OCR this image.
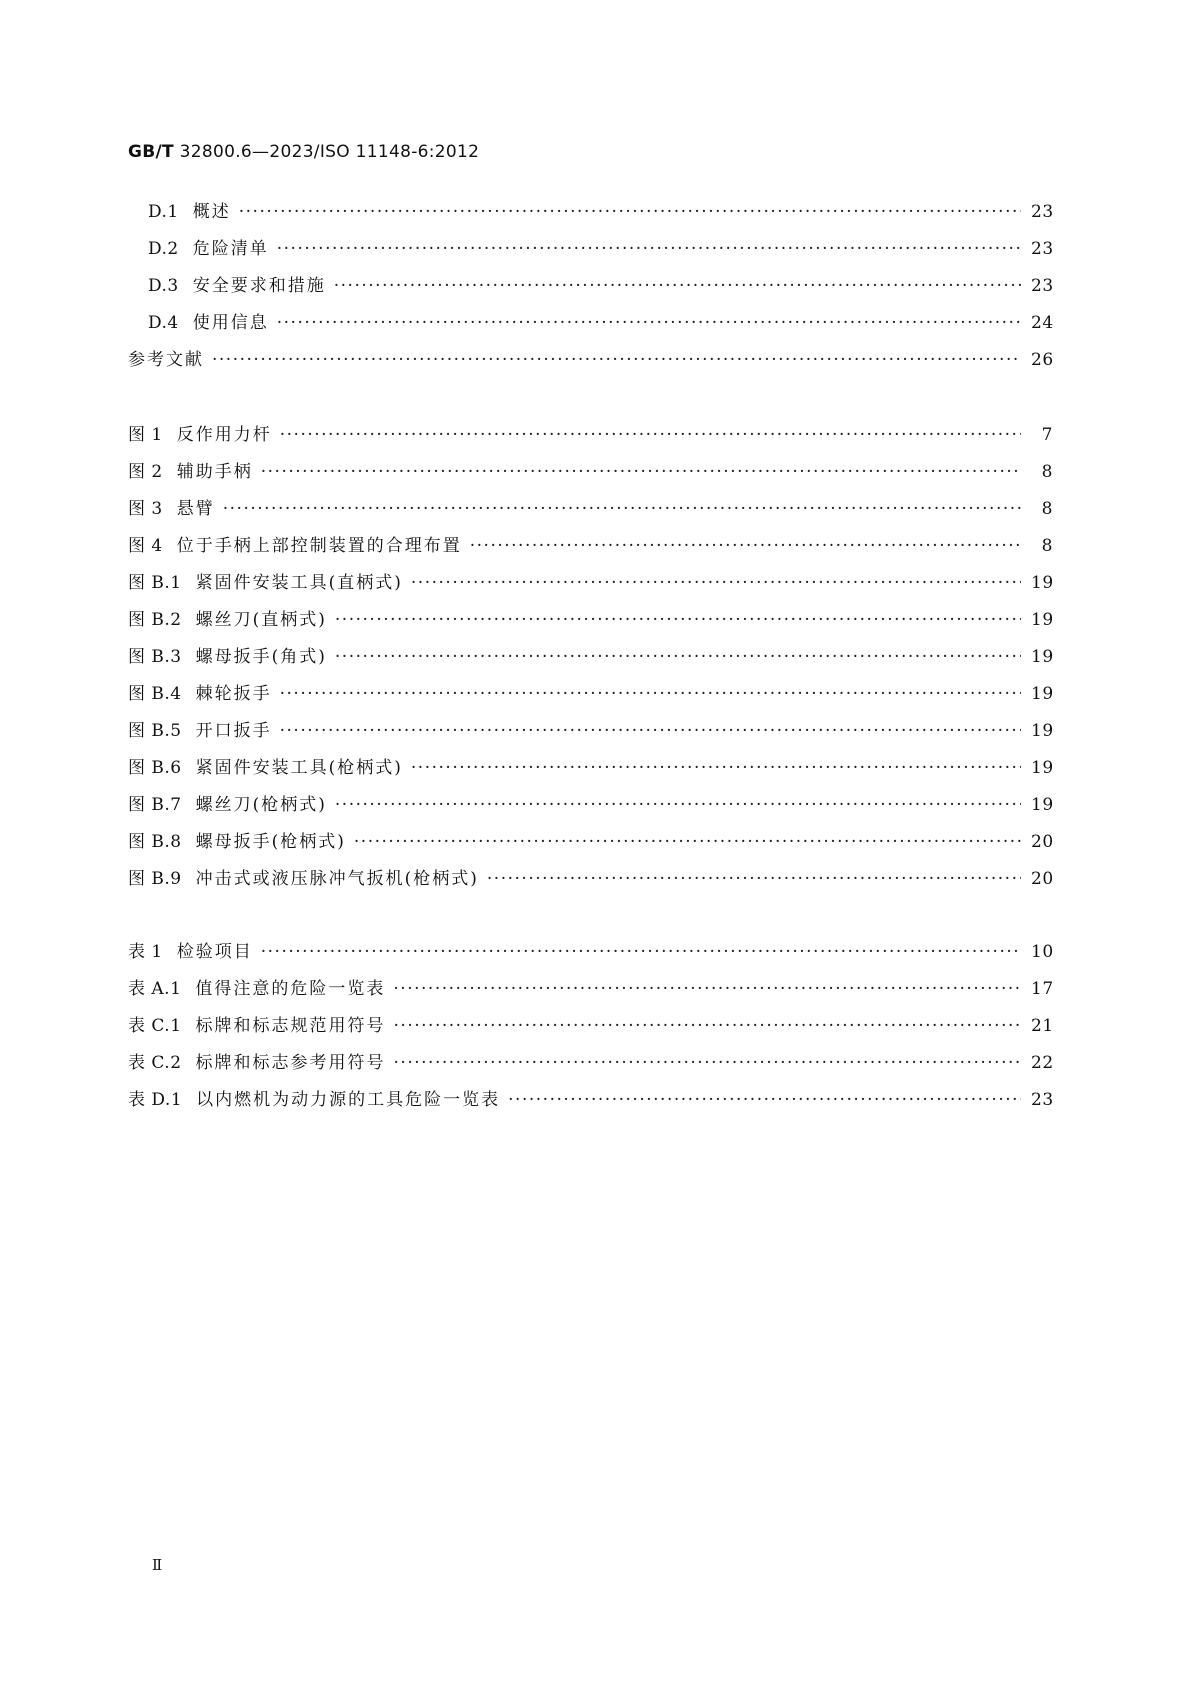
GB/T 32800.6—2023/ISO 11148-6:2012
D.1 概述 ·····	23
D.2 危险清单 ·····	23
D.3 安全要求和措施 ·····	23
D.4 使用信息 ·····	24
参考文献 ·····	26
图 1 反作用力杆 ·····	7
图 2 辅助手柄 ·····	8
图 3 悬臂 ·····	8
图 4 位于手柄上部控制装置的合理布置 ·····	8
图 B.1 紧固件安装工具(直柄式) ·····	19
图 B.2 螺丝刀(直柄式) ·····	19
图 B.3 螺母扳手(角式) ·····	19
图 B.4 棘轮扳手 ·····	19
图 B.5 开口扳手 ·····	19
图 B.6 紧固件安装工具(枪柄式) ·····	19
图 B.7 螺丝刀(枪柄式) ·····	19
图 B.8 螺母扳手(枪柄式) ·····	20
图 B.9 冲击式或液压脉冲气扳机(枪柄式) ·····	20
表 1 检验项目 ·····	10
表 A.1 值得注意的危险一览表 ·····	17
表 C.1 标牌和标志规范用符号 ·····	21
表 C.2 标牌和标志参考用符号 ·····	22
表 D.1 以内燃机为动力源的工具危险一览表 ·····	23
Ⅱ
